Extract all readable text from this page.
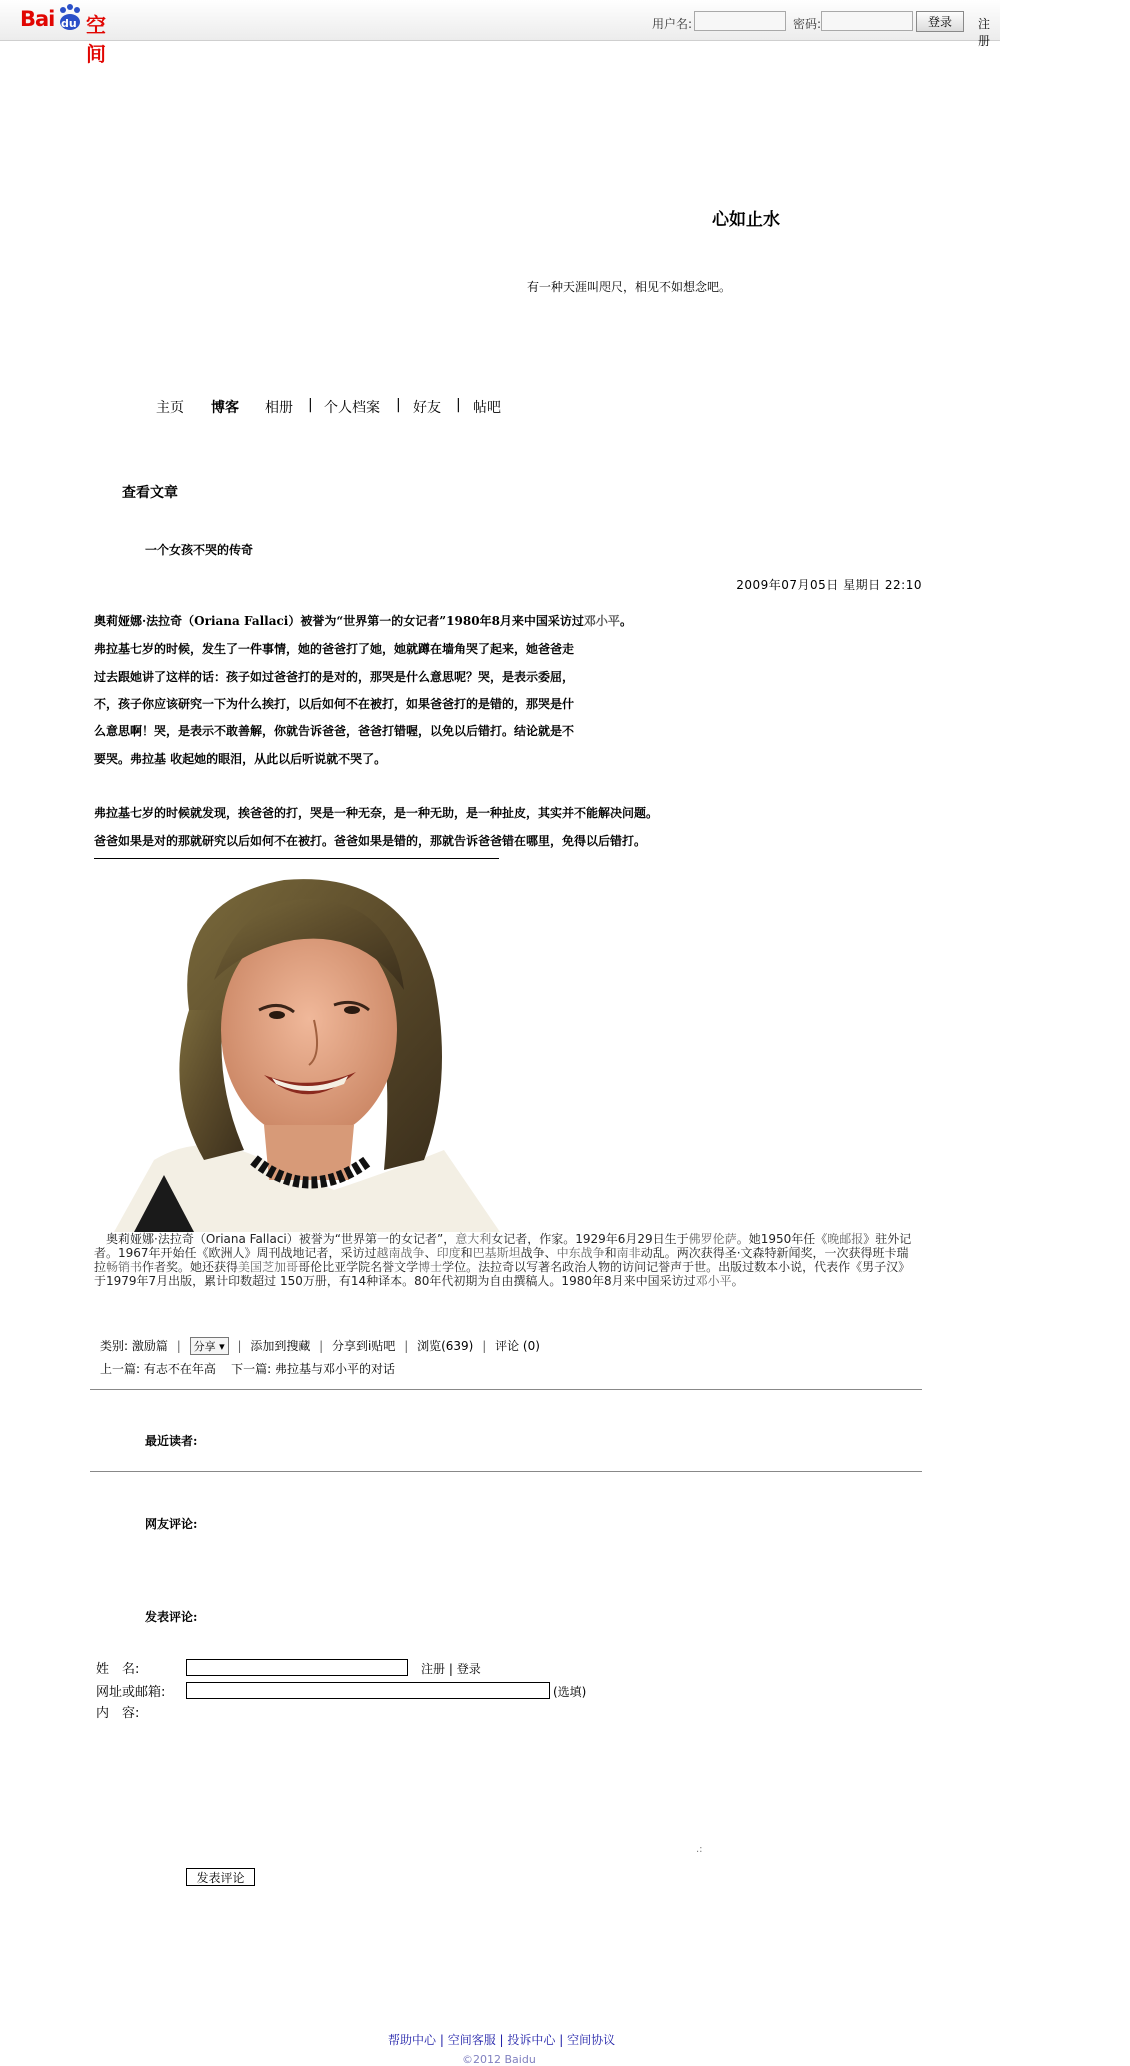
Bai du 空间
用户名:	密码:	登录	注册
心如止水
有一种天涯叫咫尺，相见不如想念吧。
主页 博客 相册 | 个人档案 | 好友 | 帖吧
查看文章
一个女孩不哭的传奇
2009年07月05日 星期日 22:10
奥莉娅娜·法拉奇（Oriana Fallaci）被誉为“世界第一的女记者”1980年8月来中国采访过邓小平。
弗拉基七岁的时候，发生了一件事情，她的爸爸打了她，她就蹲在墙角哭了起来，她爸爸走
过去跟她讲了这样的话：孩子如过爸爸打的是对的，那哭是什么意思呢？哭，是表示委屈，
不，孩子你应该研究一下为什么挨打，以后如何不在被打，如果爸爸打的是错的，那哭是什
么意思啊！哭，是表示不敢善解，你就告诉爸爸，爸爸打错喔，以免以后错打。结论就是不
要哭。弗拉基 收起她的眼泪，从此以后听说就不哭了。
弗拉基七岁的时候就发现，挨爸爸的打，哭是一种无奈，是一种无助，是一种扯皮，其实并不能解决问题。
爸爸如果是对的那就研究以后如何不在被打。爸爸如果是错的，那就告诉爸爸错在哪里，免得以后错打。
　奥莉娅娜·法拉奇（Oriana Fallaci）被誉为“世界第一的女记者”，意大利女记者，作家。1929年6月29日生于佛罗伦萨。她1950年任《晚邮报》驻外记者。1967年开始任《欧洲人》周刊战地记者，采访过越南战争、印度和巴基斯坦战争、中东战争和南非动乱。两次获得圣·文森特新闻奖，一次获得班卡瑞拉畅销书作者奖。她还获得美国芝加哥哥伦比亚学院名誉文学博士学位。法拉奇以写著名政治人物的访问记誉声于世。出版过数本小说，代表作《男子汉》于1979年7月出版，累计印数超过 150万册，有14种译本。80年代初期为自由撰稿人。1980年8月来中国采访过邓小平。
类别: 激励篇 | 分享 ▾ | 添加到搜藏 | 分享到i贴吧 | 浏览(639) | 评论 (0)
上一篇: 有志不在年高 下一篇: 弗拉基与邓小平的对话
最近读者:
网友评论:
发表评论:
姓　名:	注册 | 登录
网址或邮箱:	(选填)
内　容:
.:
发表评论
帮助中心 | 空间客服 | 投诉中心 | 空间协议
©2012 Baidu
